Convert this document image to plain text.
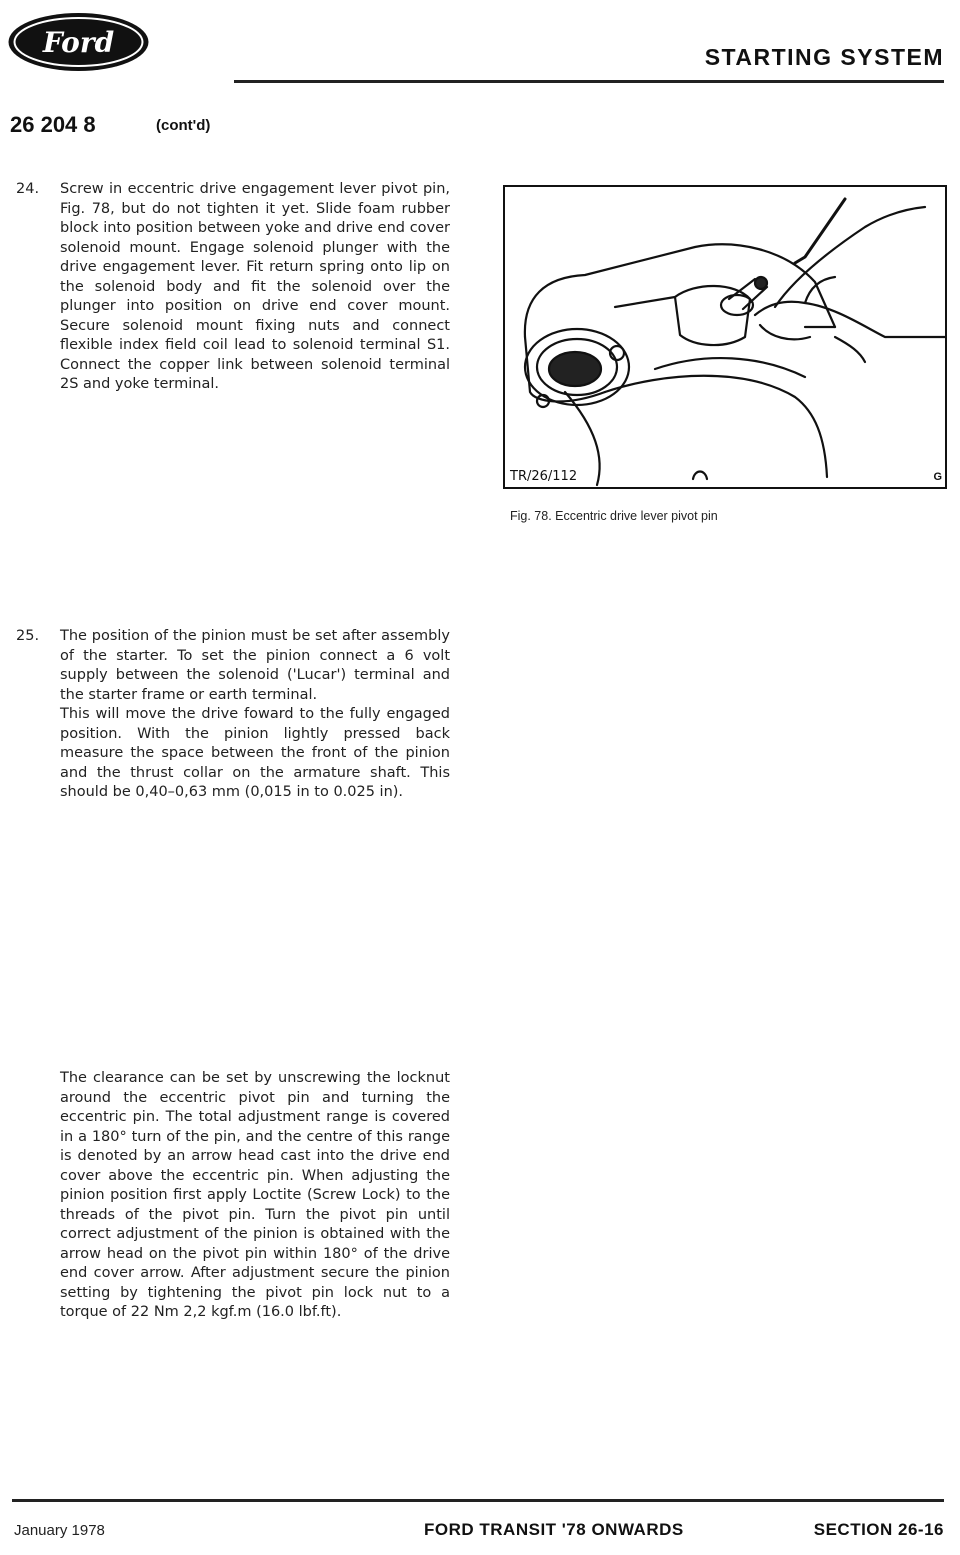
Ford	STARTING SYSTEM
26 204 8	(cont'd)
24. Screw in eccentric drive engagement lever pivot pin, Fig. 78, but do not tighten it yet. Slide foam rubber block into position between yoke and drive end cover solenoid mount. Engage solenoid plunger with the drive engagement lever. Fit return spring onto lip on the solenoid body and fit the solenoid over the plunger into position on drive end cover mount. Secure solenoid mount fixing nuts and connect flexible index field coil lead to solenoid terminal S1. Connect the copper link between solenoid terminal 2S and yoke terminal.

25. The position of the pinion must be set after assembly of the starter. To set the pinion connect a 6 volt supply between the solenoid ('Lucar') terminal and the starter frame or earth terminal.

This will move the drive foward to the fully engaged position. With the pinion lightly pressed back measure the space between the front of the pinion and the thrust collar on the armature shaft. This should be 0,40–0,63 mm (0,015 in to 0.025 in).

The clearance can be set by unscrewing the locknut around the eccentric pivot pin and turning the eccentric pin. The total adjustment range is covered in a 180° turn of the pin, and the centre of this range is denoted by an arrow head cast into the drive end cover above the eccentric pin. When adjusting the pinion position first apply Loctite (Screw Lock) to the threads of the pivot pin. Turn the pivot pin until correct adjustment of the pinion is obtained with the arrow head on the pivot pin within 180° of the drive end cover arrow. After adjustment secure the pinion setting by tightening the pivot pin lock nut to a torque of 22 Nm 2,2 kgf.m (16.0 lbf.ft).

TR/26/112	G
Fig. 78. Eccentric drive lever pivot pin
January 1978	FORD TRANSIT '78 ONWARDS	SECTION 26-16
